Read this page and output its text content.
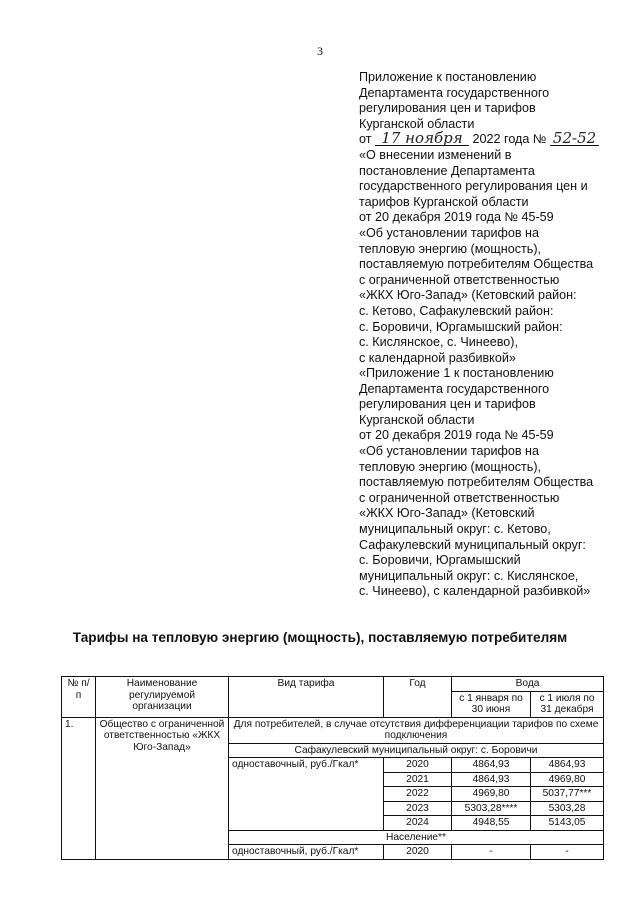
3
Приложение к постановлению
Департамента государственного
регулирования цен и тарифов
Курганской области
от 17 ноября 2022 года № 52-52
«О внесении изменений в
постановление Департамента
государственного регулирования цен и
тарифов Курганской области
от 20 декабря 2019 года № 45-59
«Об установлении тарифов на
тепловую энергию (мощность),
поставляемую потребителям Общества
с ограниченной ответственностью
«ЖКХ Юго-Запад» (Кетовский район:
с. Кетово, Сафакулевский район:
с. Боровичи, Юргамышский район:
с. Кислянское, с. Чинеево),
с календарной разбивкой»
«Приложение 1 к постановлению
Департамента государственного
регулирования цен и тарифов
Курганской области
от 20 декабря 2019 года № 45-59
«Об установлении тарифов на
тепловую энергию (мощность),
поставляемую потребителям Общества
с ограниченной ответственностью
«ЖКХ Юго-Запад» (Кетовский
муниципальный округ: с. Кетово,
Сафакулевский муниципальный округ:
с. Боровичи, Юргамышский
муниципальный округ: с. Кислянское,
с. Чинеево), с календарной разбивкой»
Тарифы на тепловую энергию (мощность), поставляемую потребителям
№ п/п	Наименование регулируемой организации	Вид тарифа	Год	Вода	
				с 1 января по 30 июня	с 1 июля по 31 декабря
1.	Общество с ограниченной ответственностью «ЖКХ Юго-Запад»	Для потребителей, в случае отсутствия дифференциации тарифов по схеме подключения			
		Сафакулевский муниципальный округ: с. Боровичи			
		одноставочный, руб./Гкал*	2020	4864,93	4864,93
			2021	4864,93	4969,80
			2022	4969,80	5037,77***
			2023	5303,28****	5303,28
			2024	4948,55	5143,05
		Население**			
		одноставочный, руб./Гкал*	2020	-	-
